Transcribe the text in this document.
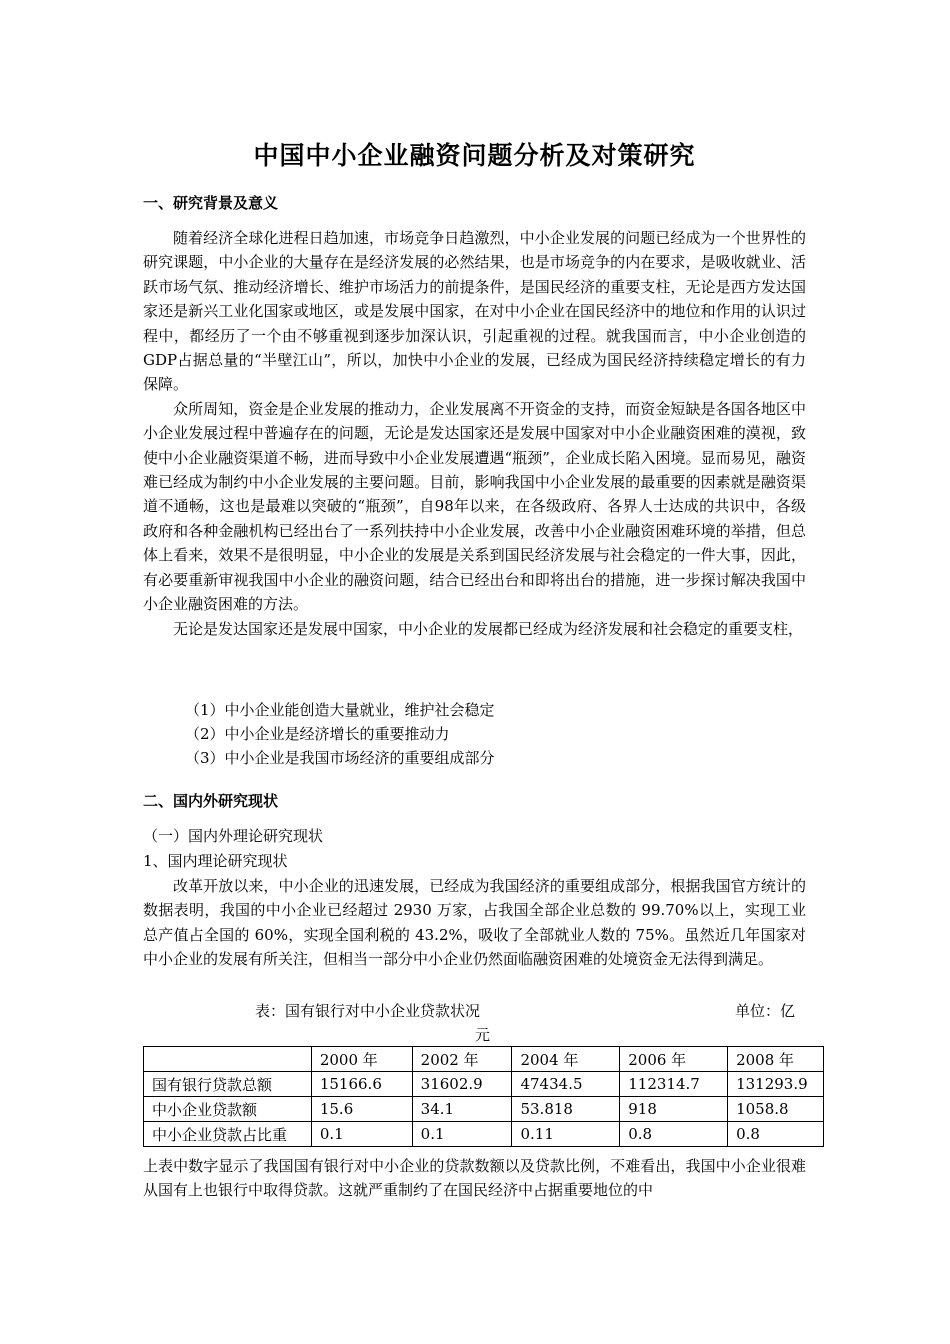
中国中小企业融资问题分析及对策研究
一、研究背景及意义

随着经济全球化进程日趋加速，市场竞争日趋激烈，中小企业发展的问题已经成为一个世界性的研究课题，中小企业的大量存在是经济发展的必然结果，也是市场竞争的内在要求，是吸收就业、活跃市场气氛、推动经济增长、维护市场活力的前提条件，是国民经济的重要支柱，无论是西方发达国家还是新兴工业化国家或地区，或是发展中国家，在对中小企业在国民经济中的地位和作用的认识过程中，都经历了一个由不够重视到逐步加深认识，引起重视的过程。就我国而言，中小企业创造的GDP占据总量的“半壁江山”，所以，加快中小企业的发展，已经成为国民经济持续稳定增长的有力保障。

众所周知，资金是企业发展的推动力，企业发展离不开资金的支持，而资金短缺是各国各地区中小企业发展过程中普遍存在的问题，无论是发达国家还是发展中国家对中小企业融资困难的漠视，致使中小企业融资渠道不畅，进而导致中小企业发展遭遇“瓶颈”，企业成长陷入困境。显而易见，融资难已经成为制约中小企业发展的主要问题。目前，影响我国中小企业发展的最重要的因素就是融资渠道不通畅，这也是最难以突破的“瓶颈”，自98年以来，在各级政府、各界人士达成的共识中，各级政府和各种金融机构已经出台了一系列扶持中小企业发展，改善中小企业融资困难环境的举措，但总体上看来，效果不是很明显，中小企业的发展是关系到国民经济发展与社会稳定的一件大事，因此，有必要重新审视我国中小企业的融资问题，结合已经出台和即将出台的措施，进一步探讨解决我国中小企业融资困难的方法。

无论是发达国家还是发展中国家，中小企业的发展都已经成为经济发展和社会稳定的重要支柱，

（1）中小企业能创造大量就业，维护社会稳定
（2）中小企业是经济增长的重要推动力
（3）中小企业是我国市场经济的重要组成部分
二、国内外研究现状
（一）国内外理论研究现状
1、国内理论研究现状

改革开放以来，中小企业的迅速发展，已经成为我国经济的重要组成部分，根据我国官方统计的数据表明，我国的中小企业已经超过 2930 万家，占我国全部企业总数的 99.70%以上，实现工业总产值占全国的 60%，实现全国利税的 43.2%，吸收了全部就业人数的 75%。虽然近几年国家对中小企业的发展有所关注，但相当一部分中小企业仍然面临融资困难的处境资金无法得到满足。

表：国有银行对中小企业贷款状况	单位：亿
元
	2000 年	2002 年	2004 年	2006 年	2008 年
国有银行贷款总额	15166.6	31602.9	47434.5	112314.7	131293.9
中小企业贷款额	15.6	34.1	53.818	918	1058.8
中小企业贷款占比重	0.1	0.1	0.11	0.8	0.8

上表中数字显示了我国国有银行对中小企业的贷款数额以及贷款比例，不难看出，我国中小企业很难从国有上也银行中取得贷款。这就严重制约了在国民经济中占据重要地位的中
